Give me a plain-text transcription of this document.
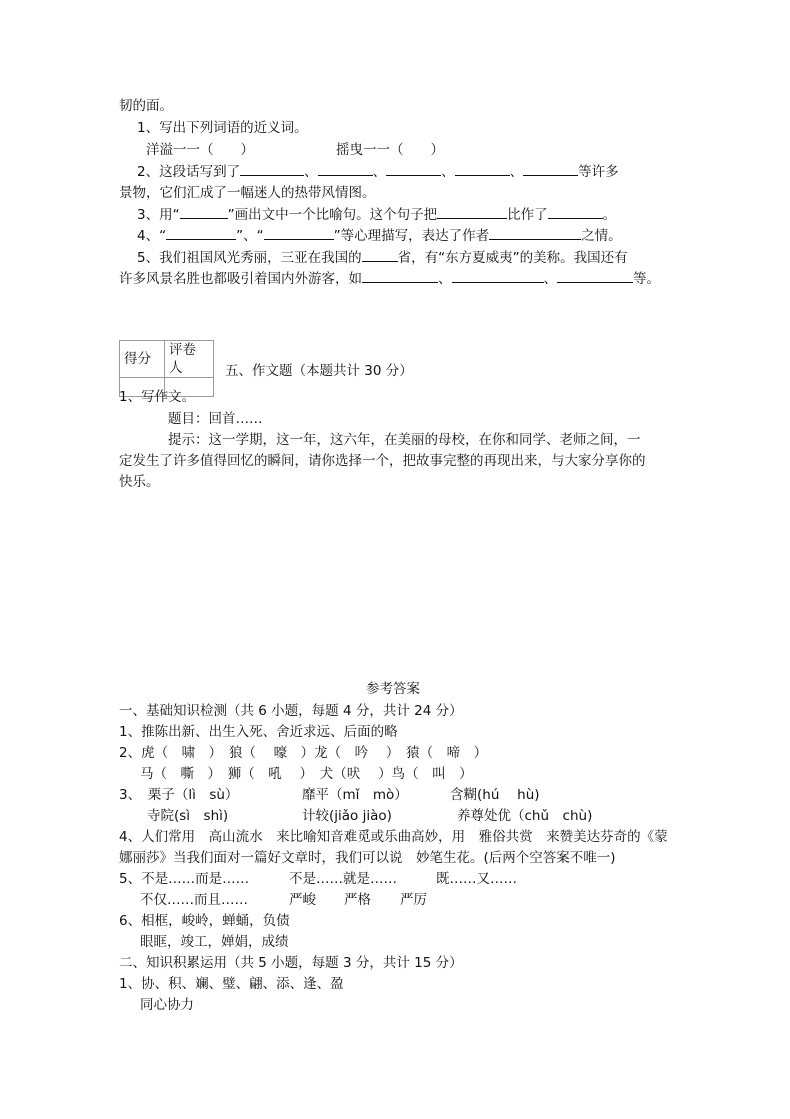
韧的面。
1、写出下列词语的近义词。
洋溢一一（　　）	摇曳一一（　　）
2、这段话写到了	、	、	、	、	等许多
景物，它们汇成了一幅迷人的热带风情图。
3、用“	”画出文中一个比喻句。这个句子把	比作了	。
4、“	”、“	”等心理描写，表达了作者	之情。
5、我们祖国风光秀丽，三亚在我国的	省，有“东方夏威夷”的美称。我国还有
许多风景名胜也都吸引着国内外游客，如	、	、	等。
得分	评卷人
		五、作文题（本题共计 30 分）
1、写作文。
题目：回首……
提示：这一学期，这一年，这六年，在美丽的母校，在你和同学、老师之间，一
定发生了许多值得回忆的瞬间，请你选择一个，把故事完整的再现出来，与大家分享你的
快乐。
参考答案
一、基础知识检测（共 6 小题，每题 4 分，共计 24 分）
1、推陈出新、出生入死、舍近求远、后面的略
2、虎（　啸　）　狼（　 嚎　）龙（　吟　 ）　猿（　啼　）
马（　嘶　）　狮（　吼　 ）　犬（吠　 ）鸟（　叫　）
3、　栗子（lì　sù）	靡平（mǐ　mò）	含糊(hú　 hù)
寺院(sì　shì)	计较(jiǎo jiào)	养尊处优（chǔ　chù)
4、人们常用　高山流水　来比喻知音难觅或乐曲高妙，用　雅俗共赏　来赞美达芬奇的《蒙
娜丽莎》当我们面对一篇好文章时，我们可以说　妙笔生花。(后两个空答案不唯一)
5、不是……而是……	不是……就是……	既……又……
不仅……而且……	严峻 严格 严厉
6、相框，峻岭，蝉蛹，负债
眼眶，竣工，婵娟，成绩
二、知识积累运用（共 5 小题，每题 3 分，共计 15 分）
1、协、积、斓、璧、翩、添、逢、盈
同心协力
